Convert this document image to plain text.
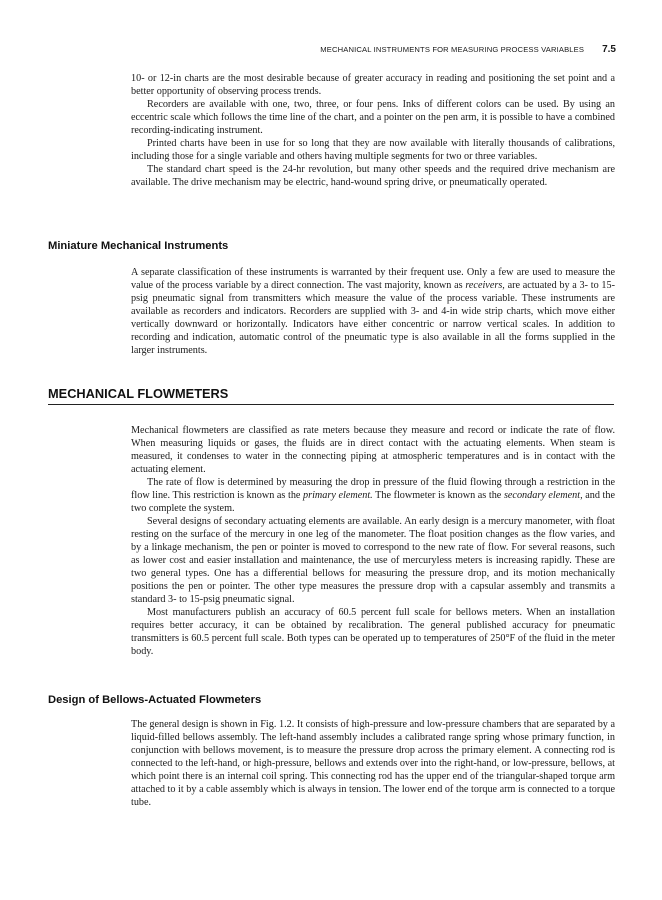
MECHANICAL INSTRUMENTS FOR MEASURING PROCESS VARIABLES 7.5

10- or 12-in charts are the most desirable because of greater accuracy in reading and positioning the set point and a better opportunity of observing process trends.

Recorders are available with one, two, three, or four pens. Inks of different colors can be used. By using an eccentric scale which follows the time line of the chart, and a pointer on the pen arm, it is possible to have a combined recording-indicating instrument.

Printed charts have been in use for so long that they are now available with literally thousands of calibrations, including those for a single variable and others having multiple segments for two or three variables.

The standard chart speed is the 24-hr revolution, but many other speeds and the required drive mechanism are available. The drive mechanism may be electric, hand-wound spring drive, or pneumatically operated.

Miniature Mechanical Instruments

A separate classification of these instruments is warranted by their frequent use. Only a few are used to measure the value of the process variable by a direct connection. The vast majority, known as receivers, are actuated by a 3- to 15-psig pneumatic signal from transmitters which measure the value of the process variable. These instruments are available as recorders and indicators. Recorders are supplied with 3- and 4-in wide strip charts, which move either vertically downward or horizontally. Indicators have either concentric or narrow vertical scales. In addition to recording and indication, automatic control of the pneumatic type is also available in all the forms supplied in the larger instruments.

MECHANICAL FLOWMETERS

Mechanical flowmeters are classified as rate meters because they measure and record or indicate the rate of flow. When measuring liquids or gases, the fluids are in direct contact with the actuating elements. When steam is measured, it condenses to water in the connecting piping at atmospheric temperatures and is in contact with the actuating element.

The rate of flow is determined by measuring the drop in pressure of the fluid flowing through a restriction in the flow line. This restriction is known as the primary element. The flowmeter is known as the secondary element, and the two complete the system.

Several designs of secondary actuating elements are available. An early design is a mercury manometer, with float resting on the surface of the mercury in one leg of the manometer. The float position changes as the flow varies, and by a linkage mechanism, the pen or pointer is moved to correspond to the new rate of flow. For several reasons, such as lower cost and easier installation and maintenance, the use of mercuryless meters is increasing rapidly. These are two general types. One has a differential bellows for measuring the pressure drop, and its motion mechanically positions the pen or pointer. The other type measures the pressure drop with a capsular assembly and transmits a standard 3- to 15-psig pneumatic signal.

Most manufacturers publish an accuracy of 60.5 percent full scale for bellows meters. When an installation requires better accuracy, it can be obtained by recalibration. The general published accuracy for pneumatic transmitters is 60.5 percent full scale. Both types can be operated up to temperatures of 250°F of the fluid in the meter body.

Design of Bellows-Actuated Flowmeters

The general design is shown in Fig. 1.2. It consists of high-pressure and low-pressure chambers that are separated by a liquid-filled bellows assembly. The left-hand assembly includes a calibrated range spring whose primary function, in conjunction with bellows movement, is to measure the pressure drop across the primary element. A connecting rod is connected to the left-hand, or high-pressure, bellows and extends over into the right-hand, or low-pressure, bellows, at which point there is an internal coil spring. This connecting rod has the upper end of the triangular-shaped torque arm attached to it by a cable assembly which is always in tension. The lower end of the torque arm is connected to a torque tube.
